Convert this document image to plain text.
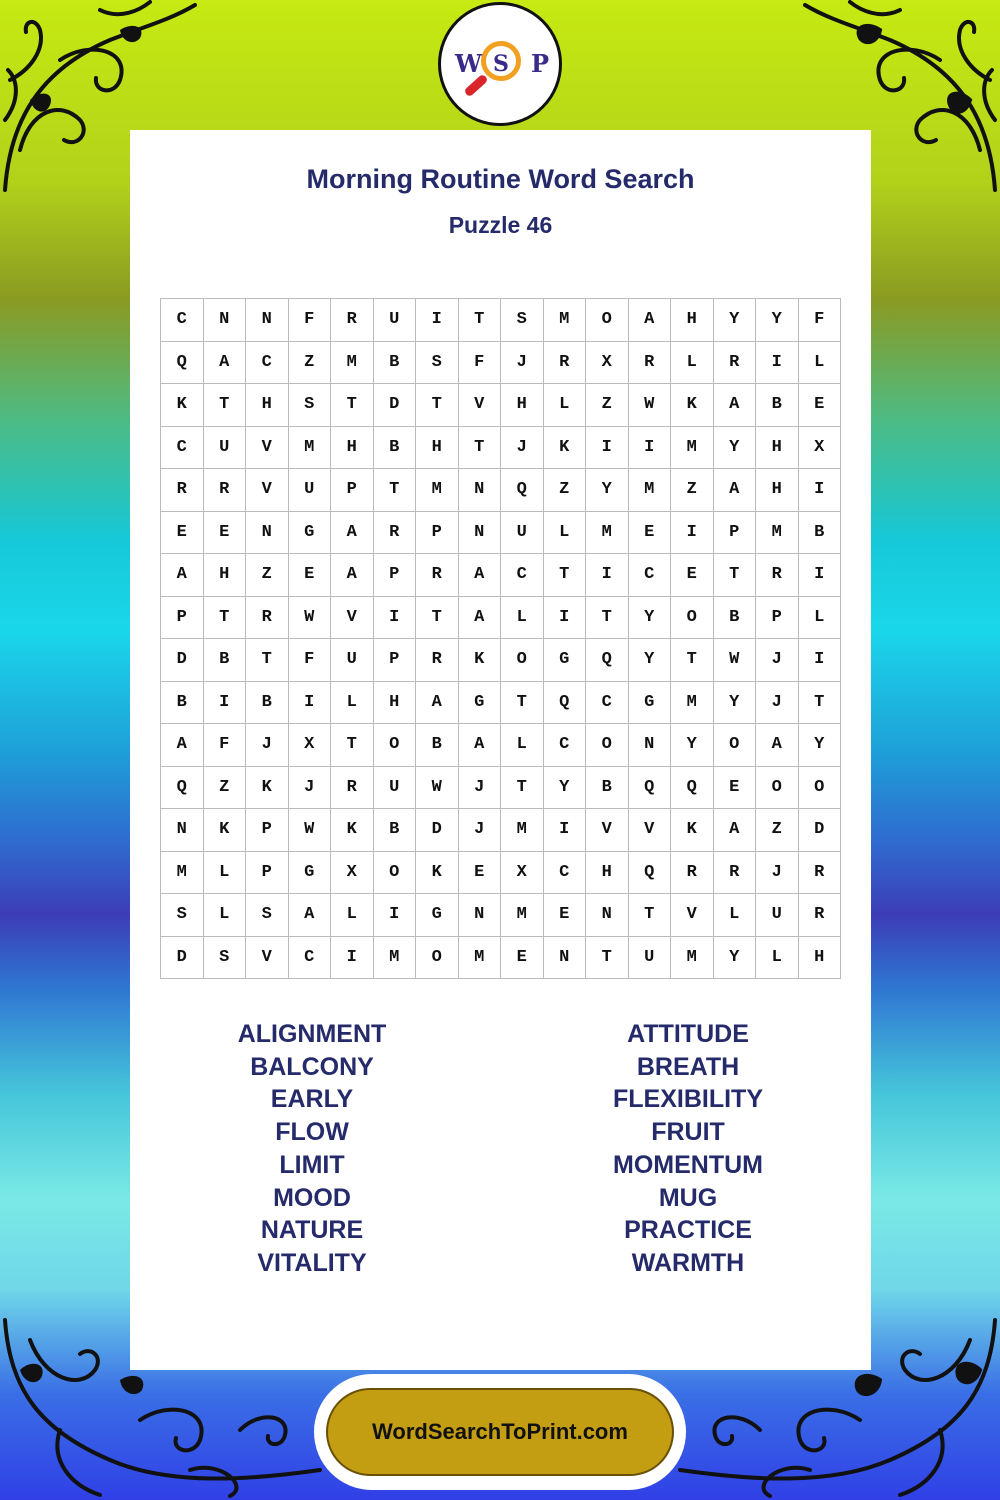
W S P
Morning Routine Word Search
Puzzle 46
C	N	N	F	R	U	I	T	S	M	O	A	H	Y	Y	F
Q	A	C	Z	M	B	S	F	J	R	X	R	L	R	I	L
K	T	H	S	T	D	T	V	H	L	Z	W	K	A	B	E
C	U	V	M	H	B	H	T	J	K	I	I	M	Y	H	X
R	R	V	U	P	T	M	N	Q	Z	Y	M	Z	A	H	I
E	E	N	G	A	R	P	N	U	L	M	E	I	P	M	B
A	H	Z	E	A	P	R	A	C	T	I	C	E	T	R	I
P	T	R	W	V	I	T	A	L	I	T	Y	O	B	P	L
D	B	T	F	U	P	R	K	O	G	Q	Y	T	W	J	I
B	I	B	I	L	H	A	G	T	Q	C	G	M	Y	J	T
A	F	J	X	T	O	B	A	L	C	O	N	Y	O	A	Y
Q	Z	K	J	R	U	W	J	T	Y	B	Q	Q	E	O	O
N	K	P	W	K	B	D	J	M	I	V	V	K	A	Z	D
M	L	P	G	X	O	K	E	X	C	H	Q	R	R	J	R
S	L	S	A	L	I	G	N	M	E	N	T	V	L	U	R
D	S	V	C	I	M	O	M	E	N	T	U	M	Y	L	H
ALIGNMENT
BALCONY
EARLY
FLOW
LIMIT
MOOD
NATURE
VITALITY
ATTITUDE
BREATH
FLEXIBILITY
FRUIT
MOMENTUM
MUG
PRACTICE
WARMTH
WordSearchToPrint.com
